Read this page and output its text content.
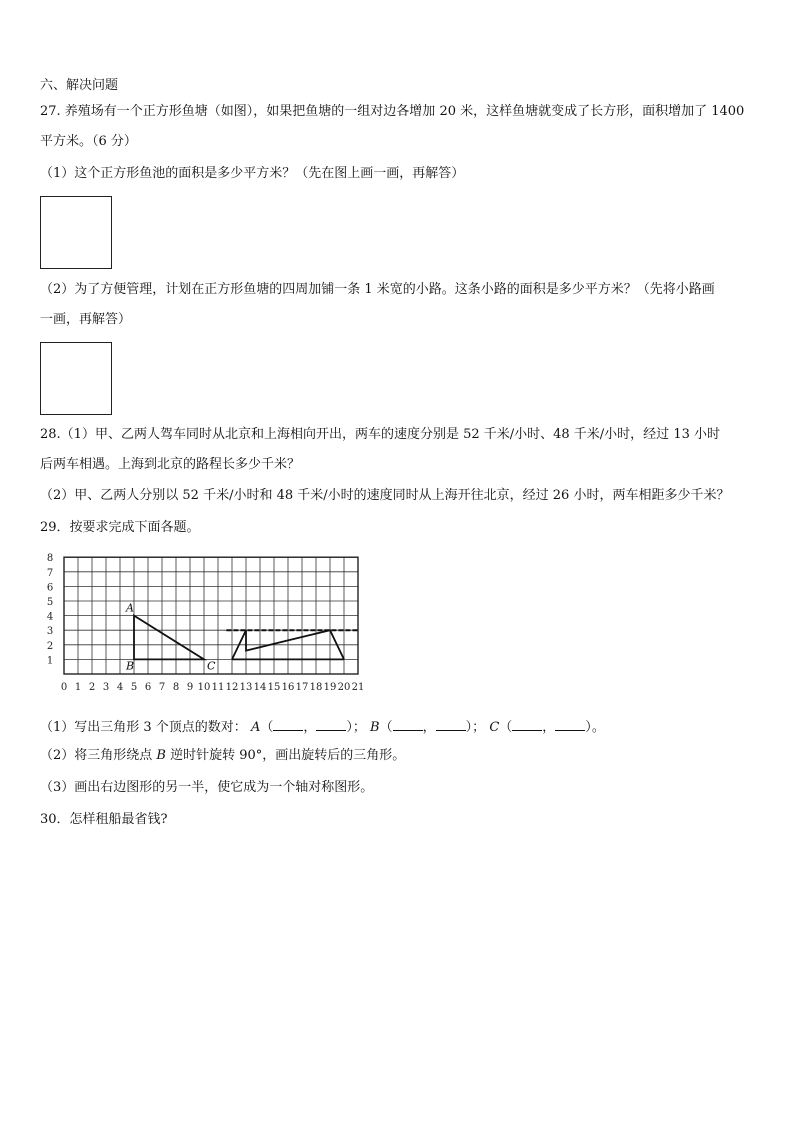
六、解决问题
27. 养殖场有一个正方形鱼塘（如图），如果把鱼塘的一组对边各增加 20 米，这样鱼塘就变成了长方形，面积增加了 1400
平方米。（6 分）
（1）这个正方形鱼池的面积是多少平方米？（先在图上画一画，再解答）
（2）为了方便管理，计划在正方形鱼塘的四周加铺一条 1 米宽的小路。这条小路的面积是多少平方米？（先将小路画
一画，再解答）
28.（1）甲、乙两人驾车同时从北京和上海相向开出，两车的速度分别是 52 千米/小时、48 千米/小时，经过 13 小时
后两车相遇。上海到北京的路程长多少千米？
（2）甲、乙两人分别以 52 千米/小时和 48 千米/小时的速度同时从上海开往北京，经过 26 小时，两车相距多少千米？
29．按要求完成下面各题。
1
2
3
4
5
6
7
8
0 1 2 3 4 5 6 7 8 9 10 11 12 13 14 15 16 17 18 19 20 21
A
B	C
（1）写出三角形 3 个顶点的数对： A（ ， ）； B（ ， ）； C（ ， ）。
（2）将三角形绕点 B 逆时针旋转 90°，画出旋转后的三角形。
（3）画出右边图形的另一半，使它成为一个轴对称图形。
30．怎样租船最省钱?
